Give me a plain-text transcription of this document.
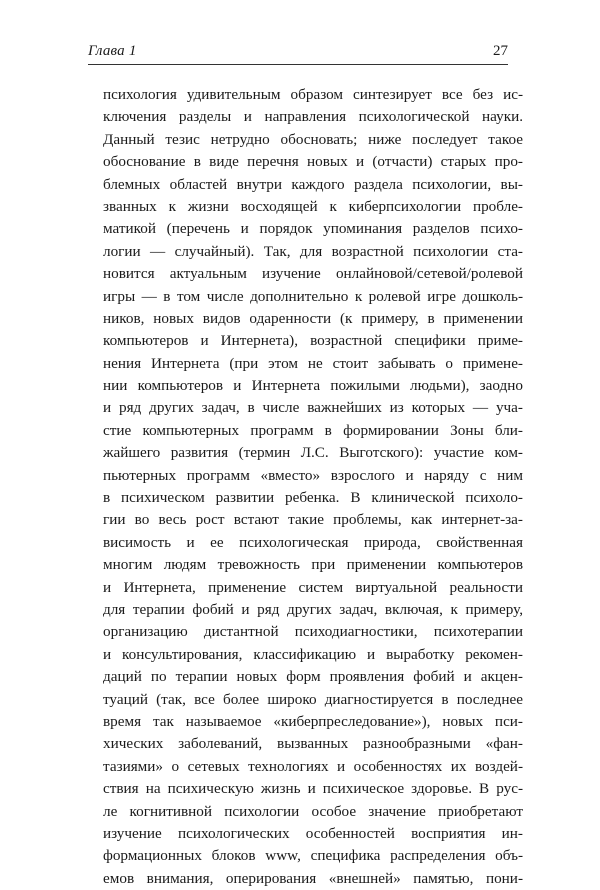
Глава 1	27
психология удивительным образом синтезирует все без ис-
ключения разделы и направления психологической науки.
Данный тезис нетрудно обосновать; ниже последует такое
обоснование в виде перечня новых и (отчасти) старых про-
блемных областей внутри каждого раздела психологии, вы-
званных к жизни восходящей к киберпсихологии пробле-
матикой (перечень и порядок упоминания разделов психо-
логии — случайный). Так, для возрастной психологии ста-
новится актуальным изучение онлайновой/сетевой/ролевой
игры — в том числе дополнительно к ролевой игре дошколь-
ников, новых видов одаренности (к примеру, в применении
компьютеров и Интернета), возрастной специфики приме-
нения Интернета (при этом не стоит забывать о примене-
нии компьютеров и Интернета пожилыми людьми), заодно
и ряд других задач, в числе важнейших из которых — уча-
стие компьютерных программ в формировании Зоны бли-
жайшего развития (термин Л.С. Выготского): участие ком-
пьютерных программ «вместо» взрослого и наряду с ним
в психическом развитии ребенка. В клинической психоло-
гии во весь рост встают такие проблемы, как интернет-за-
висимость и ее психологическая природа, свойственная
многим людям тревожность при применении компьютеров
и Интернета, применение систем виртуальной реальности
для терапии фобий и ряд других задач, включая, к примеру,
организацию дистантной психодиагностики, психотерапии
и консультирования, классификацию и выработку рекомен-
даций по терапии новых форм проявления фобий и акцен-
туаций (так, все более широко диагностируется в последнее
время так называемое «киберпреследование»), новых пси-
хических заболеваний, вызванных разнообразными «фан-
тазиями» о сетевых технологиях и особенностях их воздей-
ствия на психическую жизнь и психическое здоровье. В рус-
ле когнитивной психологии особое значение приобретают
изучение психологических особенностей восприятия ин-
формационных блоков www, специфика распределения объ-
емов внимания, оперирования «внешней» памятью, пони-
